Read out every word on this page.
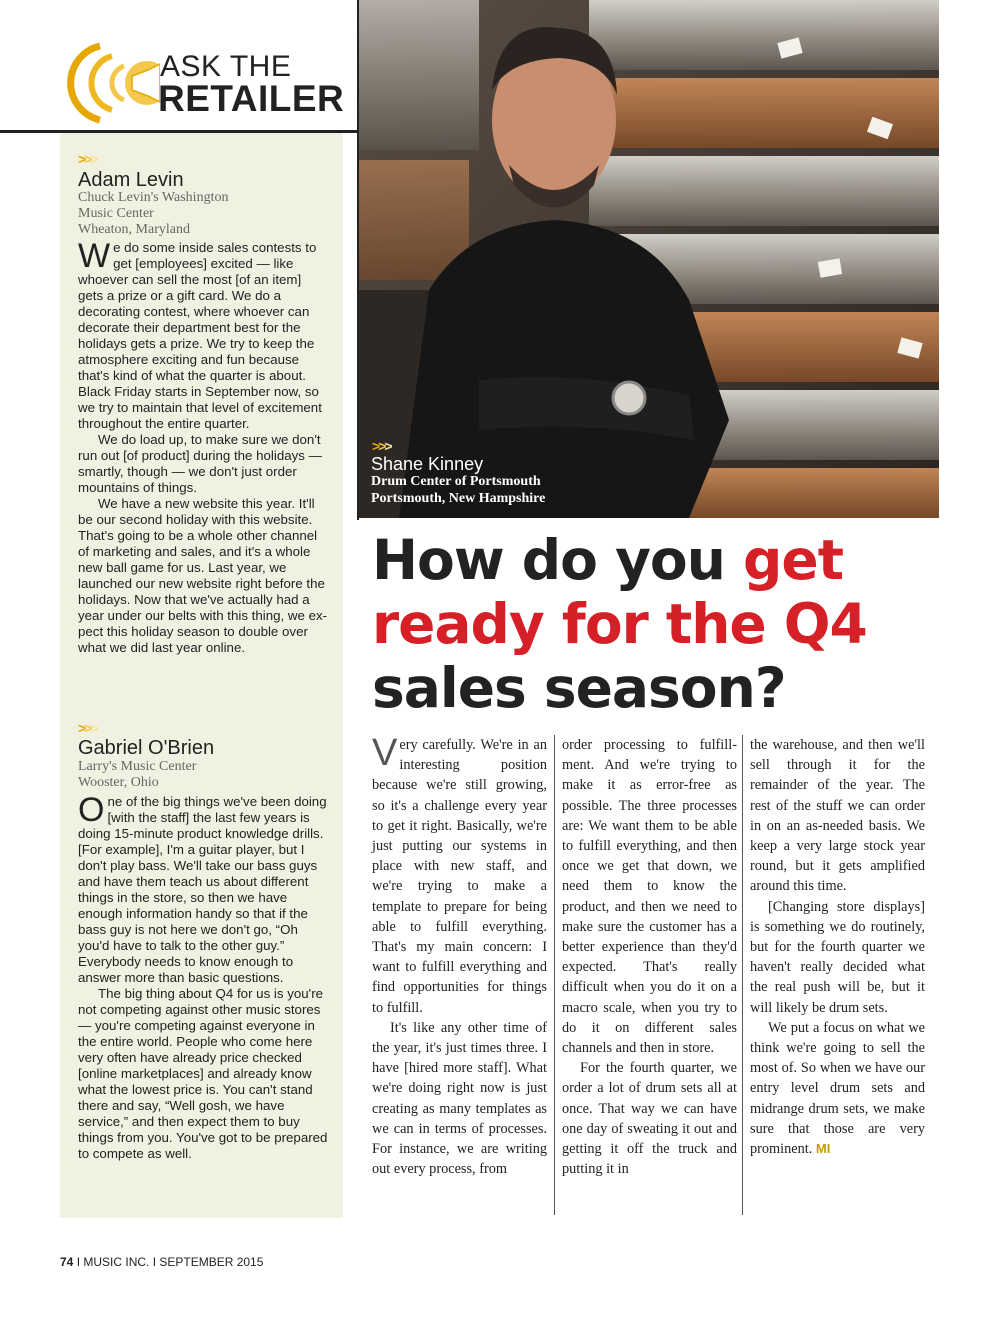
ASK THE
RETAILER
>>>
Adam Levin
Chuck Levin's Washington
Music Center
Wheaton, Maryland

We do some inside sales contests to get [employees] excited — like whoever can sell the most [of an item] gets a prize or a gift card. We do a decorating contest, where whoever can decorate their department best for the holidays gets a prize. We try to keep the atmosphere exciting and fun because that's kind of what the quarter is about. Black Friday starts in September now, so we try to maintain that level of excitement throughout the entire quarter.

We do load up, to make sure we don't run out [of product] during the holidays — smartly, though — we don't just order mountains of things.

We have a new website this year. It'll be our second holiday with this website. That's going to be a whole other channel of marketing and sales, and it's a whole new ball game for us. Last year, we launched our new website right before the holidays. Now that we've actually had a year under our belts with this thing, we expect this holiday season to double over what we did last year online.

>>>
Gabriel O'Brien
Larry's Music Center
Wooster, Ohio

One of the big things we've been doing [with the staff] the last few years is doing 15-minute product knowledge drills. [For example], I'm a guitar player, but I don't play bass. We'll take our bass guys and have them teach us about different things in the store, so then we have enough information handy so that if the bass guy is not here we don't go, “Oh you'd have to talk to the other guy.” Everybody needs to know enough to answer more than basic questions.

The big thing about Q4 for us is you're not competing against other music stores — you're competing against everyone in the entire world. People who come here very often have already price checked [online marketplaces] and already know what the lowest price is. You can't stand there and say, “Well gosh, we have service,” and then expect them to buy things from you. You've got to be prepared to compete as well.

>>>
Shane Kinney
Drum Center of Portsmouth
Portsmouth, New Hampshire
How do you get ready for the Q4 sales season?

Very carefully. We're in an interesting position because we're still growing, so it's a challenge every year to get it right. Basically, we're just putting our systems in place with new staff, and we're trying to make a template to prepare for being able to fulfill everything. That's my main concern: I want to fulfill everything and find opportunities for things to fulfill.

It's like any other time of the year, it's just times three. I have [hired more staff]. What we're doing right now is just creating as many templates as we can in terms of processes. For instance, we are writing out every process, from

order processing to fulfillment. And we're trying to make it as error-free as possible. The three processes are: We want them to be able to fulfill everything, and then once we get that down, we need them to know the product, and then we need to make sure the customer has a better experience than they'd expected. That's really difficult when you do it on a macro scale, when you try to do it on different sales channels and then in store.

For the fourth quarter, we order a lot of drum sets all at once. That way we can have one day of sweating it out and getting it off the truck and putting it in

the warehouse, and then we'll sell through it for the remainder of the year. The rest of the stuff we can order in on an as-needed basis. We keep a very large stock year round, but it gets amplified around this time.

[Changing store displays] is something we do routinely, but for the fourth quarter we haven't really decided what the real push will be, but it will likely be drum sets.

We put a focus on what we think we're going to sell the most of. So when we have our entry level drum sets and midrange drum sets, we make sure that those are very prominent. MI

74 I MUSIC INC. I SEPTEMBER 2015
